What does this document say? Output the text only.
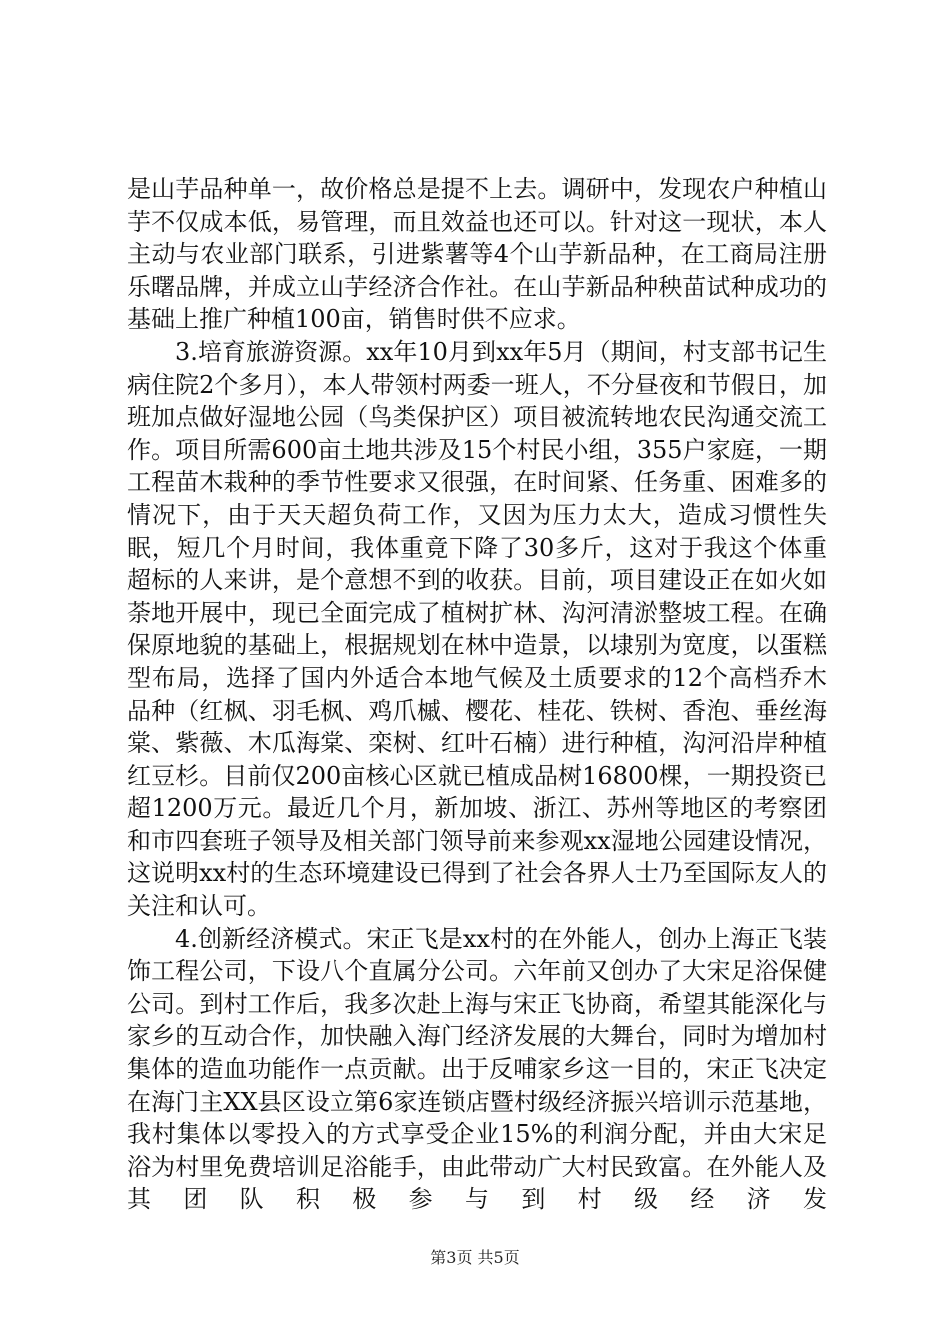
是山芋品种单一，故价格总是提不上去。调研中，发现农户种植山芋不仅成本低，易管理，而且效益也还可以。针对这一现状，本人主动与农业部门联系，引进紫薯等4个山芋新品种，在工商局注册乐曙品牌，并成立山芋经济合作社。在山芋新品种秧苗试种成功的基础上推广种植100亩，销售时供不应求。

3.培育旅游资源。xx年10月到xx年5月（期间，村支部书记生病住院2个多月），本人带领村两委一班人，不分昼夜和节假日，加班加点做好湿地公园（鸟类保护区）项目被流转地农民沟通交流工作。项目所需600亩土地共涉及15个村民小组，355户家庭，一期工程苗木栽种的季节性要求又很强，在时间紧、任务重、困难多的情况下，由于天天超负荷工作，又因为压力太大，造成习惯性失眠，短几个月时间，我体重竟下降了30多斤，这对于我这个体重超标的人来讲，是个意想不到的收获。目前，项目建设正在如火如荼地开展中，现已全面完成了植树扩林、沟河清淤整坡工程。在确保原地貌的基础上，根据规划在林中造景，以埭别为宽度，以蛋糕型布局，选择了国内外适合本地气候及土质要求的12个高档乔木品种（红枫、羽毛枫、鸡爪槭、樱花、桂花、铁树、香泡、垂丝海棠、紫薇、木瓜海棠、栾树、红叶石楠）进行种植，沟河沿岸种植红豆杉。目前仅200亩核心区就已植成品树16800棵，一期投资已超1200万元。最近几个月，新加坡、浙江、苏州等地区的考察团和市四套班子领导及相关部门领导前来参观xx湿地公园建设情况，这说明xx村的生态环境建设已得到了社会各界人士乃至国际友人的关注和认可。

4.创新经济模式。宋正飞是xx村的在外能人，创办上海正飞装饰工程公司，下设八个直属分公司。六年前又创办了大宋足浴保健公司。到村工作后，我多次赴上海与宋正飞协商，希望其能深化与家乡的互动合作，加快融入海门经济发展的大舞台，同时为增加村集体的造血功能作一点贡献。出于反哺家乡这一目的，宋正飞决定在海门主XX县区设立第6家连锁店暨村级经济振兴培训示范基地，我村集体以零投入的方式享受企业15%的利润分配，并由大宋足浴为村里免费培训足浴能手，由此带动广大村民致富。在外能人及其团队积极参与到村级经济发

第3页 共5页
